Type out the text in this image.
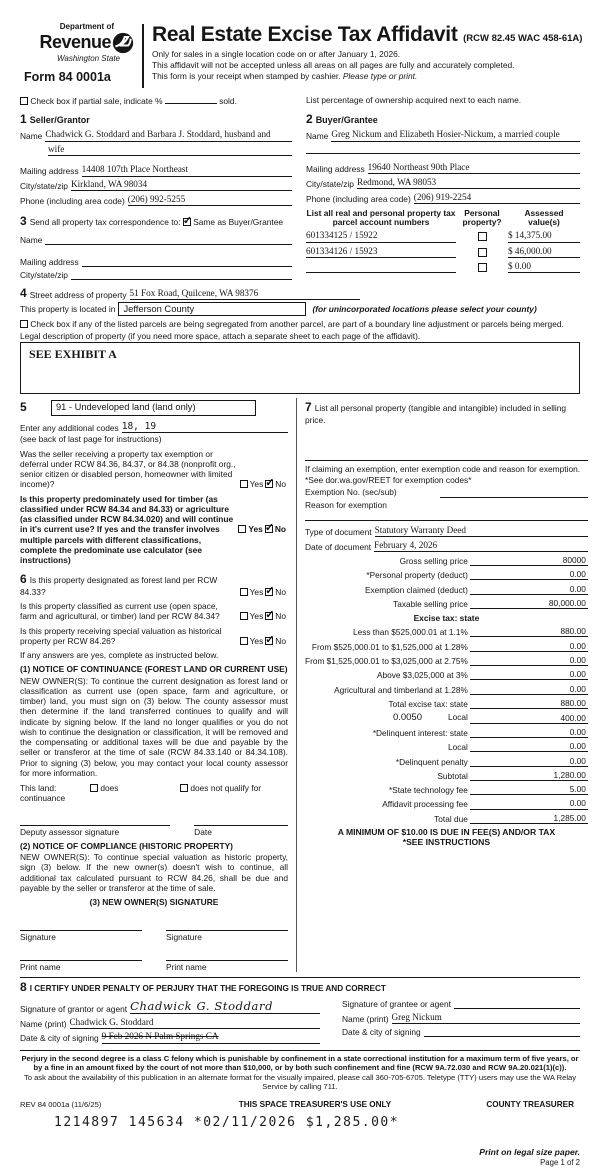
Department of
Revenue
Washington State
Form 84 0001a
Real Estate Excise Tax Affidavit (RCW 82.45 WAC 458-61A)
Only for sales in a single location code on or after January 1, 2026.
This affidavit will not be accepted unless all areas on all pages are fully and accurately completed.
This form is your receipt when stamped by cashier. Please type or print.
Check box if partial sale, indicate %	sold.	List percentage of ownership acquired next to each name.
1 Seller/Grantor
Name Chadwick G. Stoddard and Barbara J. Stoddard, husband and
wife
Mailing address 14408 107th Place Northeast
City/state/zip Kirkland, WA 98034
Phone (including area code) (206) 992-5255
2 Buyer/Grantee
Name Greg Nickum and Elizabeth Hosier-Nickum, a married couple
Mailing address 19640 Northeast 90th Place
City/state/zip Redmond, WA 98053
Phone (including area code) (206) 919-2254
3 Send all property tax correspondence to: ✓ Same as Buyer/Grantee
Name
Mailing address
City/state/zip
List all real and personal property tax parcel account numbers
Personal property?
Assessed value(s)
601334125 / 15922	$ 14,375.00
601334126 / 15923	$ 46,000.00
$ 0.00
4 Street address of property 51 Fox Road, Quilcene, WA 98376
This property is located in Jefferson County	(for unincorporated locations please select your county)
Check box if any of the listed parcels are being segregated from another parcel, are part of a boundary line adjustment or parcels being merged.
Legal description of property (if you need more space, attach a separate sheet to each page of the affidavit).
SEE EXHIBIT A
5	91 - Undeveloped land (land only)
Enter any additional codes 18, 19
(see back of last page for instructions)
Was the seller receiving a property tax exemption or deferral under RCW 84.36, 84.37, or 84.38 (nonprofit org., senior citizen or disabled person, homeowner with limited income)?	Yes ✓ No
Is this property predominately used for timber (as classified under RCW 84.34 and 84.33) or agriculture (as classified under RCW 84.34.020) and will continue in it's current use? If yes and the transfer involves multiple parcels with different classifications, complete the predominate use calculator (see instructions)
Yes ✓ No
6 Is this property designated as forest land per RCW 84.33?	Yes ✓ No
Is this property classified as current use (open space, farm and agricultural, or timber) land per RCW 84.34?	Yes ✓ No
Is this property receiving special valuation as historical property per RCW 84.26?	Yes ✓ No
If any answers are yes, complete as instructed below.
(1) NOTICE OF CONTINUANCE (FOREST LAND OR CURRENT USE)
NEW OWNER(S): To continue the current designation as forest land or classification as current use (open space, farm and agriculture, or timber) land, you must sign on (3) below. The county assessor must then determine if the land transferred continues to qualify and will indicate by signing below. If the land no longer qualifies or you do not wish to continue the designation or classification, it will be removed and the compensating or additional taxes will be due and payable by the seller or transferor at the time of sale (RCW 84.33.140 or 84.34.108). Prior to signing (3) below, you may contact your local county assessor for more information.
This land:	does	does not qualify for
continuance
Deputy assessor signature	Date
(2) NOTICE OF COMPLIANCE (HISTORIC PROPERTY)
NEW OWNER(S): To continue special valuation as historic property, sign (3) below. If the new owner(s) doesn't wish to continue, all additional tax calculated pursuant to RCW 84.26, shall be due and payable by the seller or transferor at the time of sale.
(3) NEW OWNER(S) SIGNATURE
Signature	Signature
Print name	Print name
7 List all personal property (tangible and intangible) included in selling price.
If claiming an exemption, enter exemption code and reason for exemption. *See dor.wa.gov/REET for exemption codes*
Exemption No. (sec/sub)
Reason for exemption
Type of document Statutory Warranty Deed
Date of document February 4, 2026
Gross selling price	80000
*Personal property (deduct)	0.00
Exemption claimed (deduct)	0.00
Taxable selling price	80,000.00
Excise tax: state
Less than $525,000.01 at 1.1%	880.00
From $525,000.01 to $1,525,000 at 1.28%	0.00
From $1,525,000.01 to $3,025,000 at 2.75%	0.00
Above $3,025,000 at 3%	0.00
Agricultural and timberland at 1.28%	0.00
Total excise tax: state	880.00
0.0050	Local	400.00
*Delinquent interest: state	0.00
Local	0.00
*Delinquent penalty	0.00
Subtotal	1,280.00
*State technology fee	5.00
Affidavit processing fee	0.00
Total due	1,285.00
A MINIMUM OF $10.00 IS DUE IN FEE(S) AND/OR TAX
*SEE INSTRUCTIONS
8 I CERTIFY UNDER PENALTY OF PERJURY THAT THE FOREGOING IS TRUE AND CORRECT
Signature of grantor or agent Chadwick G. Stoddard
Name (print) Chadwick G. Stoddard
Date & city of signing 9 Feb 2026 N Palm Springs CA
Signature of grantee or agent
Name (print) Greg Nickum
Date & city of signing
Perjury in the second degree is a class C felony which is punishable by confinement in a state correctional institution for a maximum term of five years, or by a fine in an amount fixed by the court of not more than $10,000, or by both such confinement and fine (RCW 9A.72.030 and RCW 9A.20.021(1)(c)).
To ask about the availability of this publication in an alternate format for the visually impaired, please call 360-705-6705. Teletype (TTY) users may use the WA Relay Service by calling 711.
REV 84 0001a (11/6/25)	THIS SPACE TREASURER'S USE ONLY	COUNTY TREASURER
1214897 145634 *02/11/2026 $1,285.00*
Print on legal size paper.
Page 1 of 2
